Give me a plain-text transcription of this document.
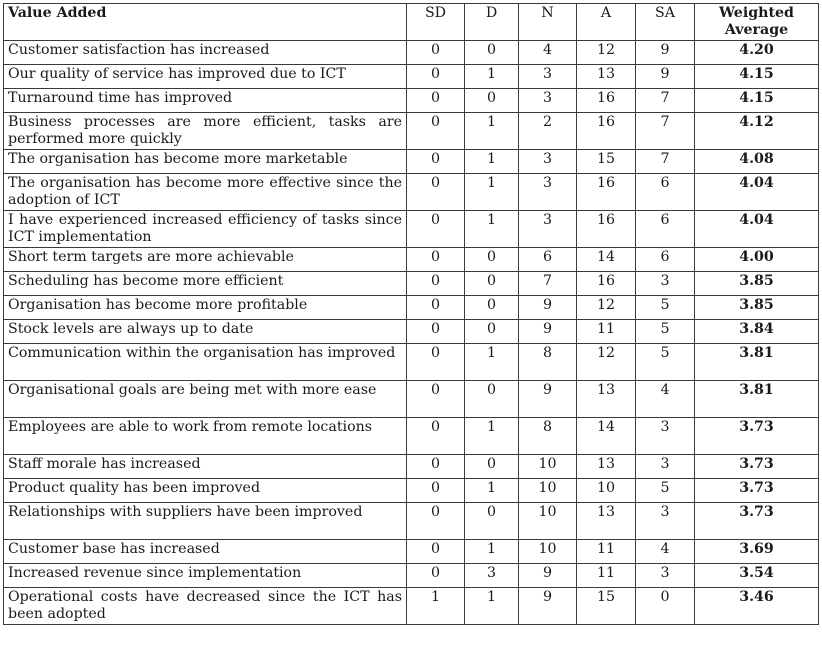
Value Added	SD	D	N	A	SA	Weighted
Average
Customer satisfaction has increased	0	0	4	12	9	4.20
Our quality of service has improved due to ICT	0	1	3	13	9	4.15
Turnaround time has improved	0	0	3	16	7	4.15
Business processes are more efficient, tasks are performed more quickly	0	1	2	16	7	4.12
The organisation has become more marketable	0	1	3	15	7	4.08
The organisation has become more effective since the adoption of ICT	0	1	3	16	6	4.04
I have experienced increased efficiency of tasks since ICT implementation	0	1	3	16	6	4.04
Short term targets are more achievable	0	0	6	14	6	4.00
Scheduling has become more efficient	0	0	7	16	3	3.85
Organisation has become more profitable	0	0	9	12	5	3.85
Stock levels are always up to date	0	0	9	11	5	3.84
Communication within the organisation has improved	0	1	8	12	5	3.81
Organisational goals are being met with more ease	0	0	9	13	4	3.81
Employees are able to work from remote locations	0	1	8	14	3	3.73
Staff morale has increased	0	0	10	13	3	3.73
Product quality has been improved	0	1	10	10	5	3.73
Relationships with suppliers have been improved	0	0	10	13	3	3.73
Customer base has increased	0	1	10	11	4	3.69
Increased revenue since implementation	0	3	9	11	3	3.54
Operational costs have decreased since the ICT has been adopted	1	1	9	15	0	3.46
